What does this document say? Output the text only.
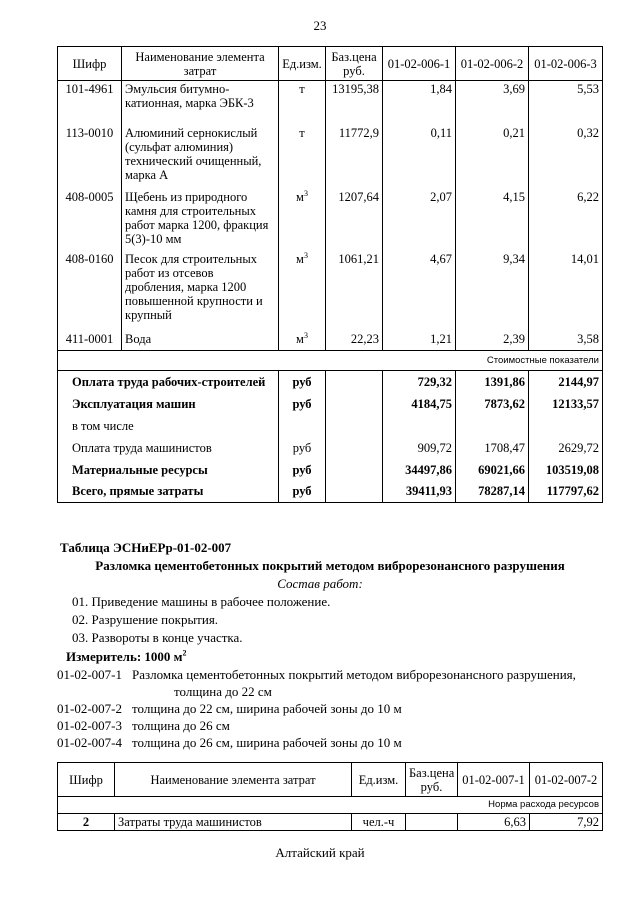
23
Шифр	Наименование элемента затрат	Ед.изм.	Баз.цена руб.	01-02-006-1	01-02-006-2	01-02-006-3
101-4961	Эмульсия битумно-катионная, марка ЭБК-3	т	13195,38	1,84	3,69	5,53
113-0010	Алюминий сернокислый (сульфат алюминия) технический очищенный, марка А	т	11772,9	0,11	0,21	0,32
408-0005	Щебень из природного камня для строительных работ марка 1200, фракция 5(3)-10 мм	$м^3$	1207,64	2,07	4,15	6,22
408-0160	Песок для строительных работ из отсевов дробления, марка 1200 повышенной крупности и крупный	$м^3$	1061,21	4,67	9,34	14,01
411-0001	Вода	$м^3$	22,23	1,21	2,39	3,58
Стоимостные показатели						
Оплата труда рабочих-строителей		руб		729,32	1391,86	2144,97
Эксплуатация машин		руб		4184,75	7873,62	12133,57
в том числе						
Оплата труда машинистов		руб		909,72	1708,47	2629,72
Материальные ресурсы		руб		34497,86	69021,66	103519,08
Всего, прямые затраты		руб		39411,93	78287,14	117797,62
Таблица ЭСНиЕРр-01-02-007
Разломка цементобетонных покрытий методом виброрезонансного разрушения
Состав работ:
01. Приведение машины в рабочее положение.
02. Разрушение покрытия.
03. Развороты в конце участка.
Измеритель: 1000 $м^2$
01-02-007-1 Разломка цементобетонных покрытий методом виброрезонансного разрушения,
толщина до 22 см
01-02-007-2 толщина до 22 см, ширина рабочей зоны до 10 м
01-02-007-3 толщина до 26 см
01-02-007-4 толщина до 26 см, ширина рабочей зоны до 10 м
Шифр	Наименование элемента затрат	Ед.изм.	Баз.цена руб.	01-02-007-1	01-02-007-2
Норма расхода ресурсов					
2	Затраты труда машинистов	чел.-ч		6,63	7,92
Алтайский край
